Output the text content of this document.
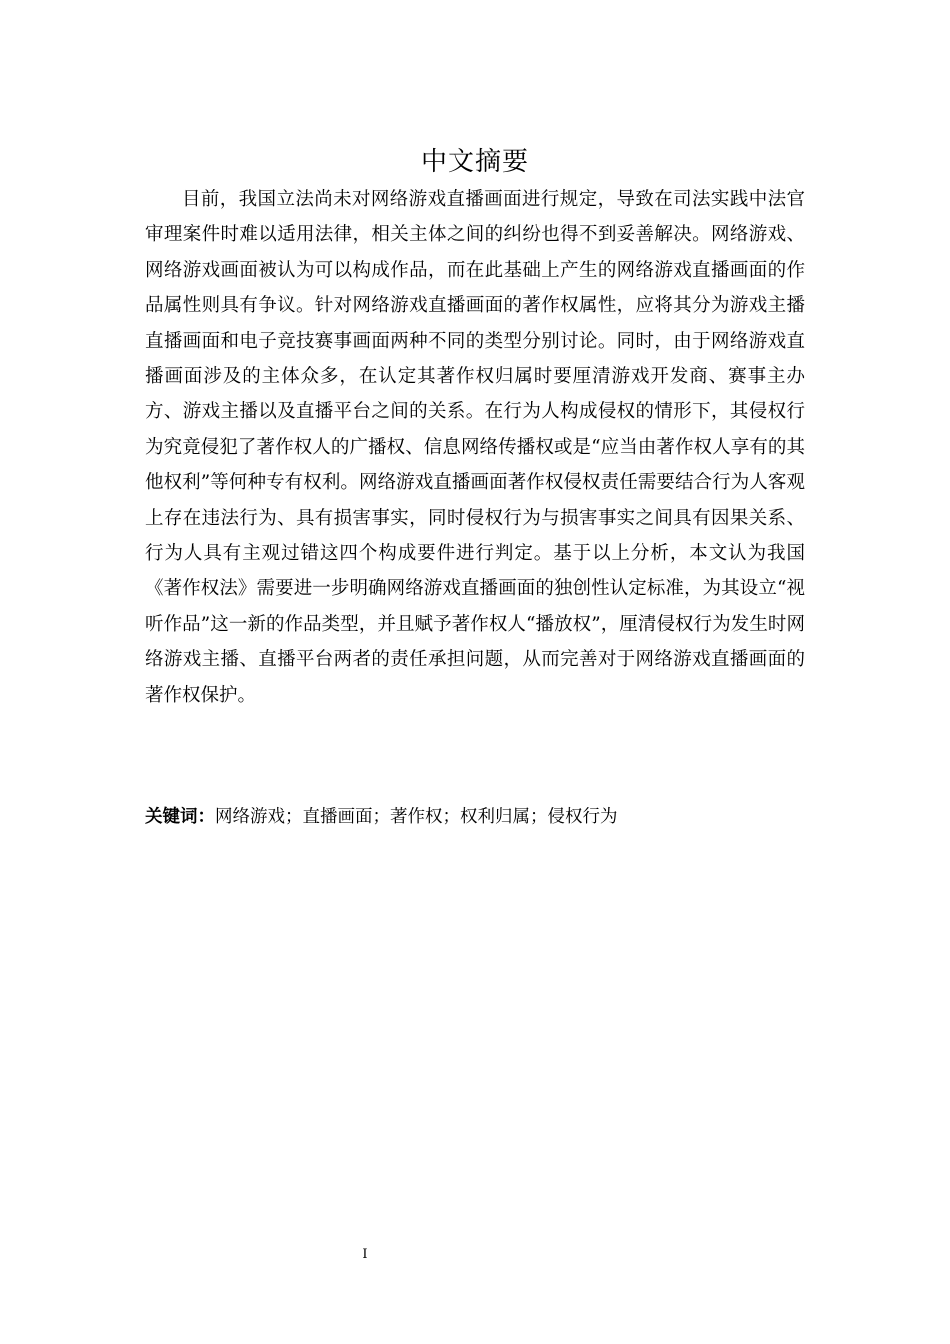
中文摘要

目前，我国立法尚未对网络游戏直播画面进行规定，导致在司法实践中法官审理案件时难以适用法律，相关主体之间的纠纷也得不到妥善解决。网络游戏、网络游戏画面被认为可以构成作品，而在此基础上产生的网络游戏直播画面的作品属性则具有争议。针对网络游戏直播画面的著作权属性，应将其分为游戏主播直播画面和电子竞技赛事画面两种不同的类型分别讨论。同时，由于网络游戏直播画面涉及的主体众多，在认定其著作权归属时要厘清游戏开发商、赛事主办方、游戏主播以及直播平台之间的关系。在行为人构成侵权的情形下，其侵权行为究竟侵犯了著作权人的广播权、信息网络传播权或是“应当由著作权人享有的其他权利”等何种专有权利。网络游戏直播画面著作权侵权责任需要结合行为人客观上存在违法行为、具有损害事实，同时侵权行为与损害事实之间具有因果关系、行为人具有主观过错这四个构成要件进行判定。基于以上分析，本文认为我国《著作权法》需要进一步明确网络游戏直播画面的独创性认定标准，为其设立“视听作品”这一新的作品类型，并且赋予著作权人“播放权”，厘清侵权行为发生时网络游戏主播、直播平台两者的责任承担问题，从而完善对于网络游戏直播画面的著作权保护。

关键词：网络游戏；直播画面；著作权；权利归属；侵权行为
I
